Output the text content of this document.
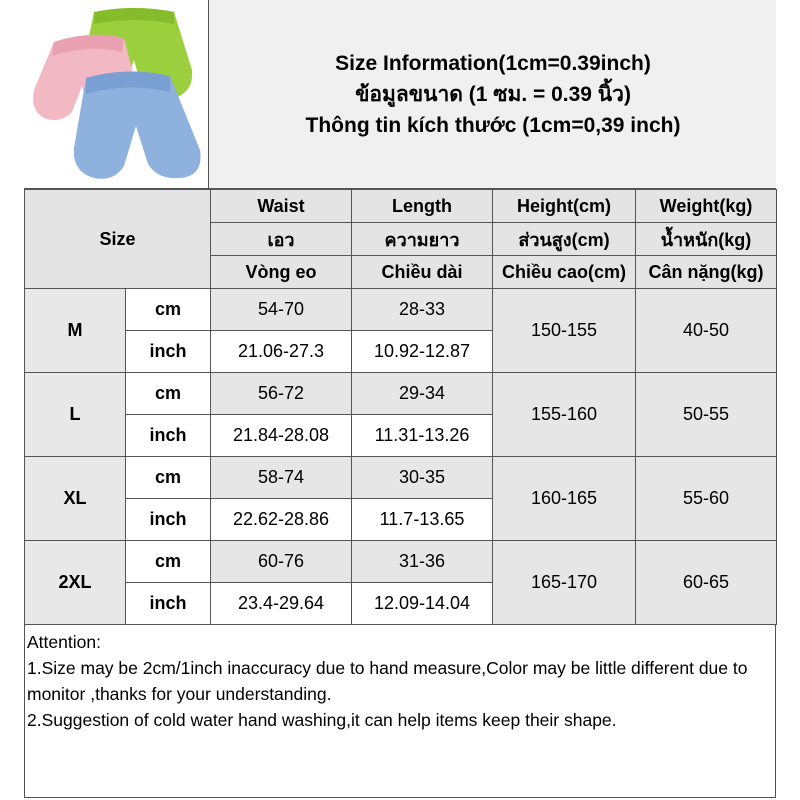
Size Information(1cm=0.39inch)
ข้อมูลขนาด (1 ซม. = 0.39 นิ้ว)
Thông tin kích thước (1cm=0,39 inch)
Size		Waist	Length	Height(cm)	Weight(kg)
		เอว	ความยาว	ส่วนสูง(cm)	น้ำหนัก(kg)
		Vòng eo	Chiều dài	Chiều cao(cm)	Cân nặng(kg)
M	cm	54-70	28-33	150-155	40-50
	inch	21.06-27.3	10.92-12.87		
L	cm	56-72	29-34	155-160	50-55
	inch	21.84-28.08	11.31-13.26		
XL	cm	58-74	30-35	160-165	55-60
	inch	22.62-28.86	11.7-13.65		
2XL	cm	60-76	31-36	165-170	60-65
	inch	23.4-29.64	12.09-14.04		
Attention:
1.Size may be 2cm/1inch inaccuracy due to hand measure,Color may be little different due to monitor ,thanks for your understanding.
2.Suggestion of cold water hand washing,it can help items keep their shape.
